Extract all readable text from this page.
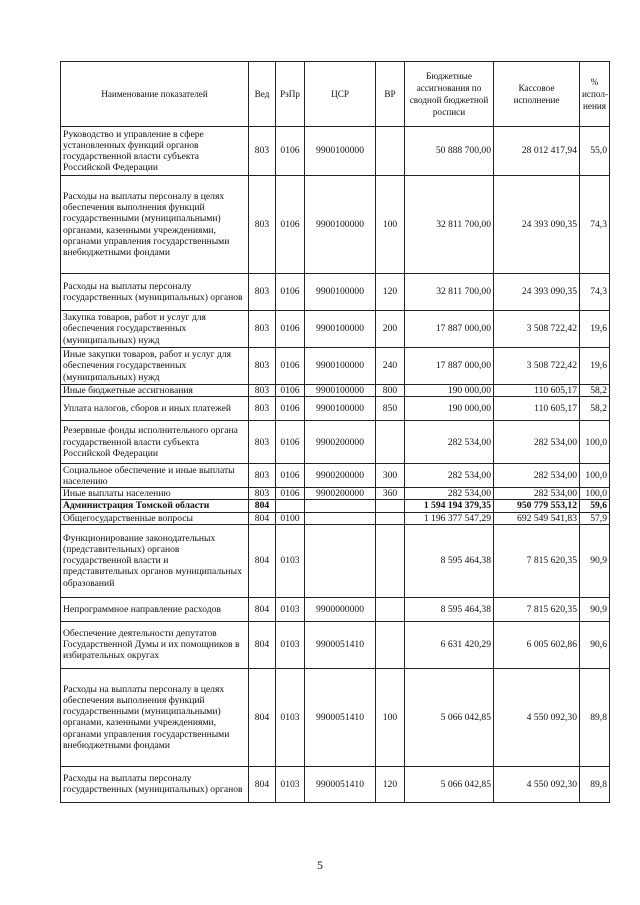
Наименование показателей	Вед	РзПр	ЦСР	ВР	Бюджетные ассигнования по сводной бюджетной росписи	Кассовое исполнение	% испол-нения
Руководство и управление в сфере установленных функций органов государственной власти субъекта Российской Федерации	803	0106	9900100000		50 888 700,00	28 012 417,94	55,0
Расходы на выплаты персоналу в целях обеспечения выполнения функций государственными (муниципальными) органами, казенными учреждениями, органами управления государственными внебюджетными фондами	803	0106	9900100000	100	32 811 700,00	24 393 090,35	74,3
Расходы на выплаты персоналу государственных (муниципальных) органов	803	0106	9900100000	120	32 811 700,00	24 393 090,35	74,3
Закупка товаров, работ и услуг для обеспечения государственных (муниципальных) нужд	803	0106	9900100000	200	17 887 000,00	3 508 722,42	19,6
Иные закупки товаров, работ и услуг для обеспечения государственных (муниципальных) нужд	803	0106	9900100000	240	17 887 000,00	3 508 722,42	19,6
Иные бюджетные ассигнования	803	0106	9900100000	800	190 000,00	110 605,17	58,2
Уплата налогов, сборов и иных платежей	803	0106	9900100000	850	190 000,00	110 605,17	58,2
Резервные фонды исполнительного органа государственной власти субъекта Российской Федерации	803	0106	9900200000		282 534,00	282 534,00	100,0
Социальное обеспечение и иные выплаты населению	803	0106	9900200000	300	282 534,00	282 534,00	100,0
Иные выплаты населению	803	0106	9900200000	360	282 534,00	282 534,00	100,0
Администрация Томской области	804				1 594 194 379,35	950 779 553,12	59,6
Общегосударственные вопросы	804	0100			1 196 377 547,29	692 549 541,83	57,9
Функционирование законодательных (представительных) органов государственной власти и представительных органов муниципальных образований	804	0103			8 595 464,38	7 815 620,35	90,9
Непрограммное направление расходов	804	0103	9900000000		8 595 464,38	7 815 620,35	90,9
Обеспечение деятельности депутатов Государственной Думы и их помощников в избирательных округах	804	0103	9900051410		6 631 420,29	6 005 602,86	90,6
Расходы на выплаты персоналу в целях обеспечения выполнения функций государственными (муниципальными) органами, казенными учреждениями, органами управления государственными внебюджетными фондами	804	0103	9900051410	100	5 066 042,85	4 550 092,30	89,8
Расходы на выплаты персоналу государственных (муниципальных) органов	804	0103	9900051410	120	5 066 042,85	4 550 092,30	89,8
5
